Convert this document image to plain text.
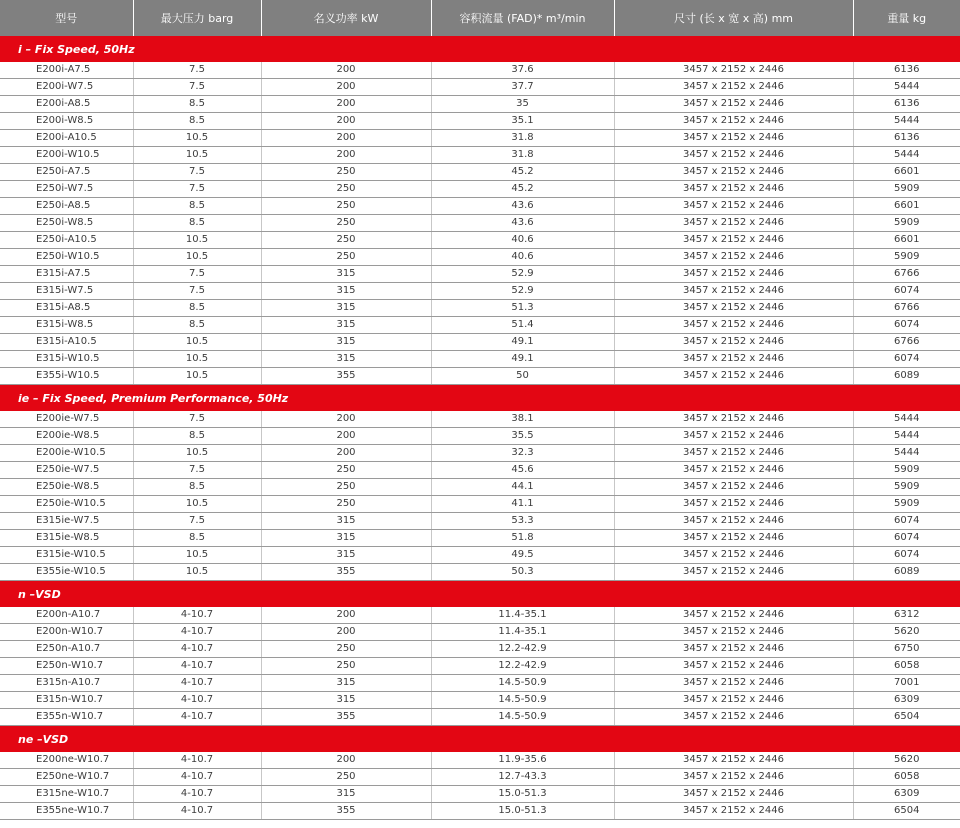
型号	最大压力 barg	名义功率 kW	容积流量 (FAD)* m³/min	尺寸 (长 x 宽 x 高) mm	重量 kg
i – Fix Speed, 50Hz					
E200i-A7.5	7.5	200	37.6	3457 x 2152 x 2446	6136
E200i-W7.5	7.5	200	37.7	3457 x 2152 x 2446	5444
E200i-A8.5	8.5	200	35	3457 x 2152 x 2446	6136
E200i-W8.5	8.5	200	35.1	3457 x 2152 x 2446	5444
E200i-A10.5	10.5	200	31.8	3457 x 2152 x 2446	6136
E200i-W10.5	10.5	200	31.8	3457 x 2152 x 2446	5444
E250i-A7.5	7.5	250	45.2	3457 x 2152 x 2446	6601
E250i-W7.5	7.5	250	45.2	3457 x 2152 x 2446	5909
E250i-A8.5	8.5	250	43.6	3457 x 2152 x 2446	6601
E250i-W8.5	8.5	250	43.6	3457 x 2152 x 2446	5909
E250i-A10.5	10.5	250	40.6	3457 x 2152 x 2446	6601
E250i-W10.5	10.5	250	40.6	3457 x 2152 x 2446	5909
E315i-A7.5	7.5	315	52.9	3457 x 2152 x 2446	6766
E315i-W7.5	7.5	315	52.9	3457 x 2152 x 2446	6074
E315i-A8.5	8.5	315	51.3	3457 x 2152 x 2446	6766
E315i-W8.5	8.5	315	51.4	3457 x 2152 x 2446	6074
E315i-A10.5	10.5	315	49.1	3457 x 2152 x 2446	6766
E315i-W10.5	10.5	315	49.1	3457 x 2152 x 2446	6074
E355i-W10.5	10.5	355	50	3457 x 2152 x 2446	6089
ie – Fix Speed, Premium Performance, 50Hz					
E200ie-W7.5	7.5	200	38.1	3457 x 2152 x 2446	5444
E200ie-W8.5	8.5	200	35.5	3457 x 2152 x 2446	5444
E200ie-W10.5	10.5	200	32.3	3457 x 2152 x 2446	5444
E250ie-W7.5	7.5	250	45.6	3457 x 2152 x 2446	5909
E250ie-W8.5	8.5	250	44.1	3457 x 2152 x 2446	5909
E250ie-W10.5	10.5	250	41.1	3457 x 2152 x 2446	5909
E315ie-W7.5	7.5	315	53.3	3457 x 2152 x 2446	6074
E315ie-W8.5	8.5	315	51.8	3457 x 2152 x 2446	6074
E315ie-W10.5	10.5	315	49.5	3457 x 2152 x 2446	6074
E355ie-W10.5	10.5	355	50.3	3457 x 2152 x 2446	6089
n –VSD					
E200n-A10.7	4-10.7	200	11.4-35.1	3457 x 2152 x 2446	6312
E200n-W10.7	4-10.7	200	11.4-35.1	3457 x 2152 x 2446	5620
E250n-A10.7	4-10.7	250	12.2-42.9	3457 x 2152 x 2446	6750
E250n-W10.7	4-10.7	250	12.2-42.9	3457 x 2152 x 2446	6058
E315n-A10.7	4-10.7	315	14.5-50.9	3457 x 2152 x 2446	7001
E315n-W10.7	4-10.7	315	14.5-50.9	3457 x 2152 x 2446	6309
E355n-W10.7	4-10.7	355	14.5-50.9	3457 x 2152 x 2446	6504
ne –VSD					
E200ne-W10.7	4-10.7	200	11.9-35.6	3457 x 2152 x 2446	5620
E250ne-W10.7	4-10.7	250	12.7-43.3	3457 x 2152 x 2446	6058
E315ne-W10.7	4-10.7	315	15.0-51.3	3457 x 2152 x 2446	6309
E355ne-W10.7	4-10.7	355	15.0-51.3	3457 x 2152 x 2446	6504
